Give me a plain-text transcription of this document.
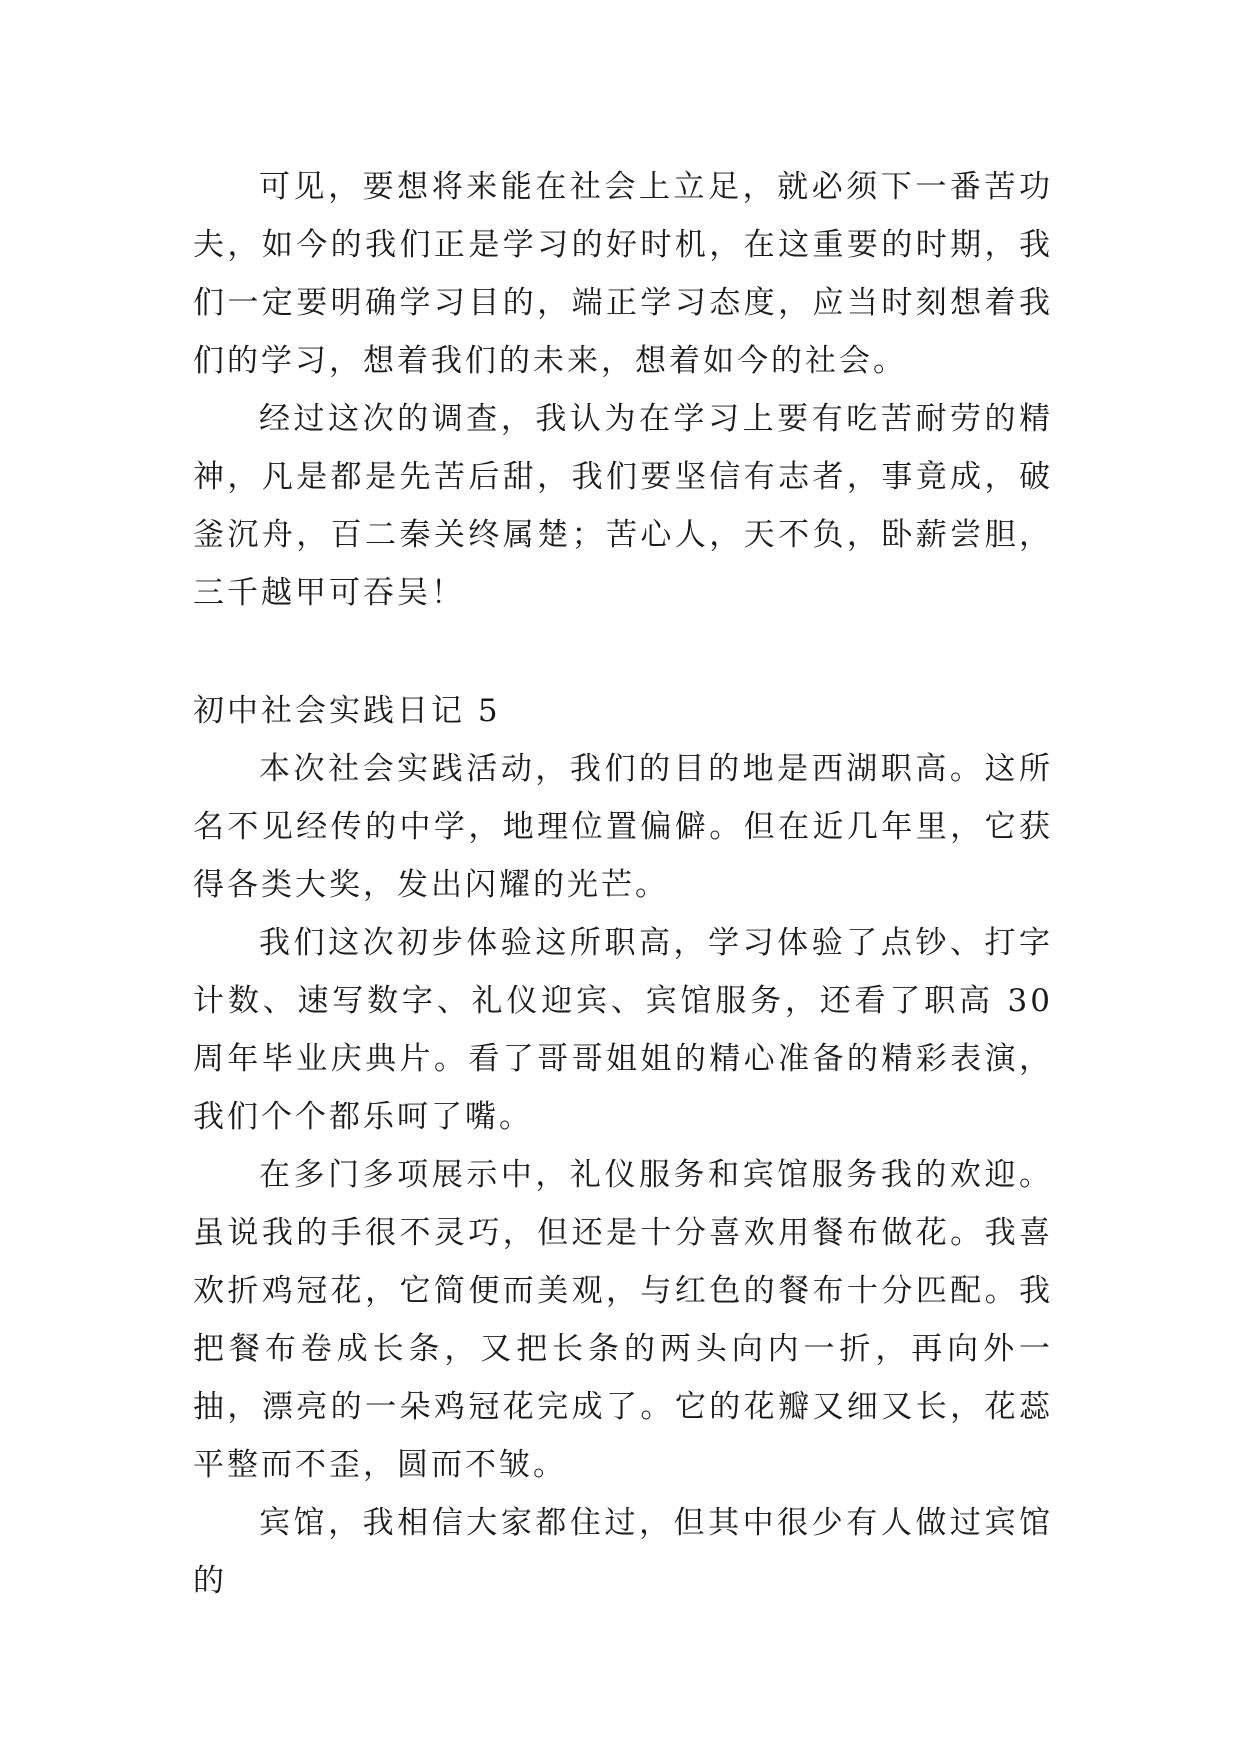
可见，要想将来能在社会上立足，就必须下一番苦功夫，如今的我们正是学习的好时机，在这重要的时期，我们一定要明确学习目的，端正学习态度，应当时刻想着我们的学习，想着我们的未来，想着如今的社会。

经过这次的调查，我认为在学习上要有吃苦耐劳的精神，凡是都是先苦后甜，我们要坚信有志者，事竟成，破釜沉舟，百二秦关终属楚；苦心人，天不负，卧薪尝胆，三千越甲可吞吴！

初中社会实践日记 5

本次社会实践活动，我们的目的地是西湖职高。这所名不见经传的中学，地理位置偏僻。但在近几年里，它获得各类大奖，发出闪耀的光芒。

我们这次初步体验这所职高，学习体验了点钞、打字计数、速写数字、礼仪迎宾、宾馆服务，还看了职高 30 周年毕业庆典片。看了哥哥姐姐的精心准备的精彩表演，我们个个都乐呵了嘴。

在多门多项展示中，礼仪服务和宾馆服务我的欢迎。虽说我的手很不灵巧，但还是十分喜欢用餐布做花。我喜欢折鸡冠花，它简便而美观，与红色的餐布十分匹配。我把餐布卷成长条，又把长条的两头向内一折，再向外一抽，漂亮的一朵鸡冠花完成了。它的花瓣又细又长，花蕊平整而不歪，圆而不皱。

宾馆，我相信大家都住过，但其中很少有人做过宾馆的
